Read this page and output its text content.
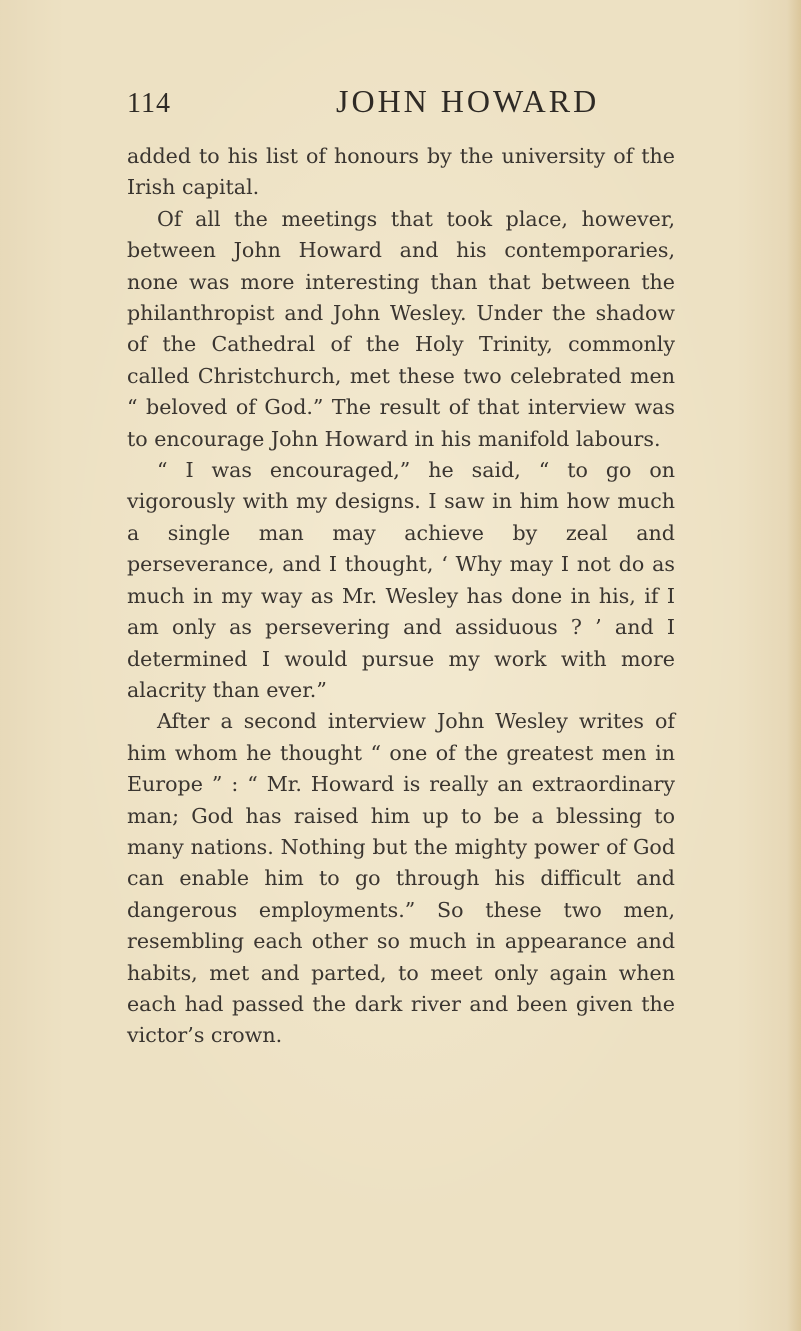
114	JOHN HOWARD

added to his list of honours by the university of the Irish capital.

Of all the meetings that took place, however, between John Howard and his contemporaries, none was more interesting than that between the philanthropist and John Wesley. Under the shadow of the Cathedral of the Holy Trinity, commonly called Christchurch, met these two celebrated men “ beloved of God.” The result of that interview was to encourage John Howard in his manifold labours.

“ I was encouraged,” he said, “ to go on vigorously with my designs. I saw in him how much a single man may achieve by zeal and perseverance, and I thought, ‘ Why may I not do as much in my way as Mr. Wesley has done in his, if I am only as persevering and assiduous ? ’ and I determined I would pursue my work with more alacrity than ever.”

After a second interview John Wesley writes of him whom he thought “ one of the greatest men in Europe ” : “ Mr. Howard is really an extraordinary man; God has raised him up to be a blessing to many nations. Nothing but the mighty power of God can enable him to go through his difficult and dangerous employments.” So these two men, resembling each other so much in appearance and habits, met and parted, to meet only again when each had passed the dark river and been given the victor’s crown.
